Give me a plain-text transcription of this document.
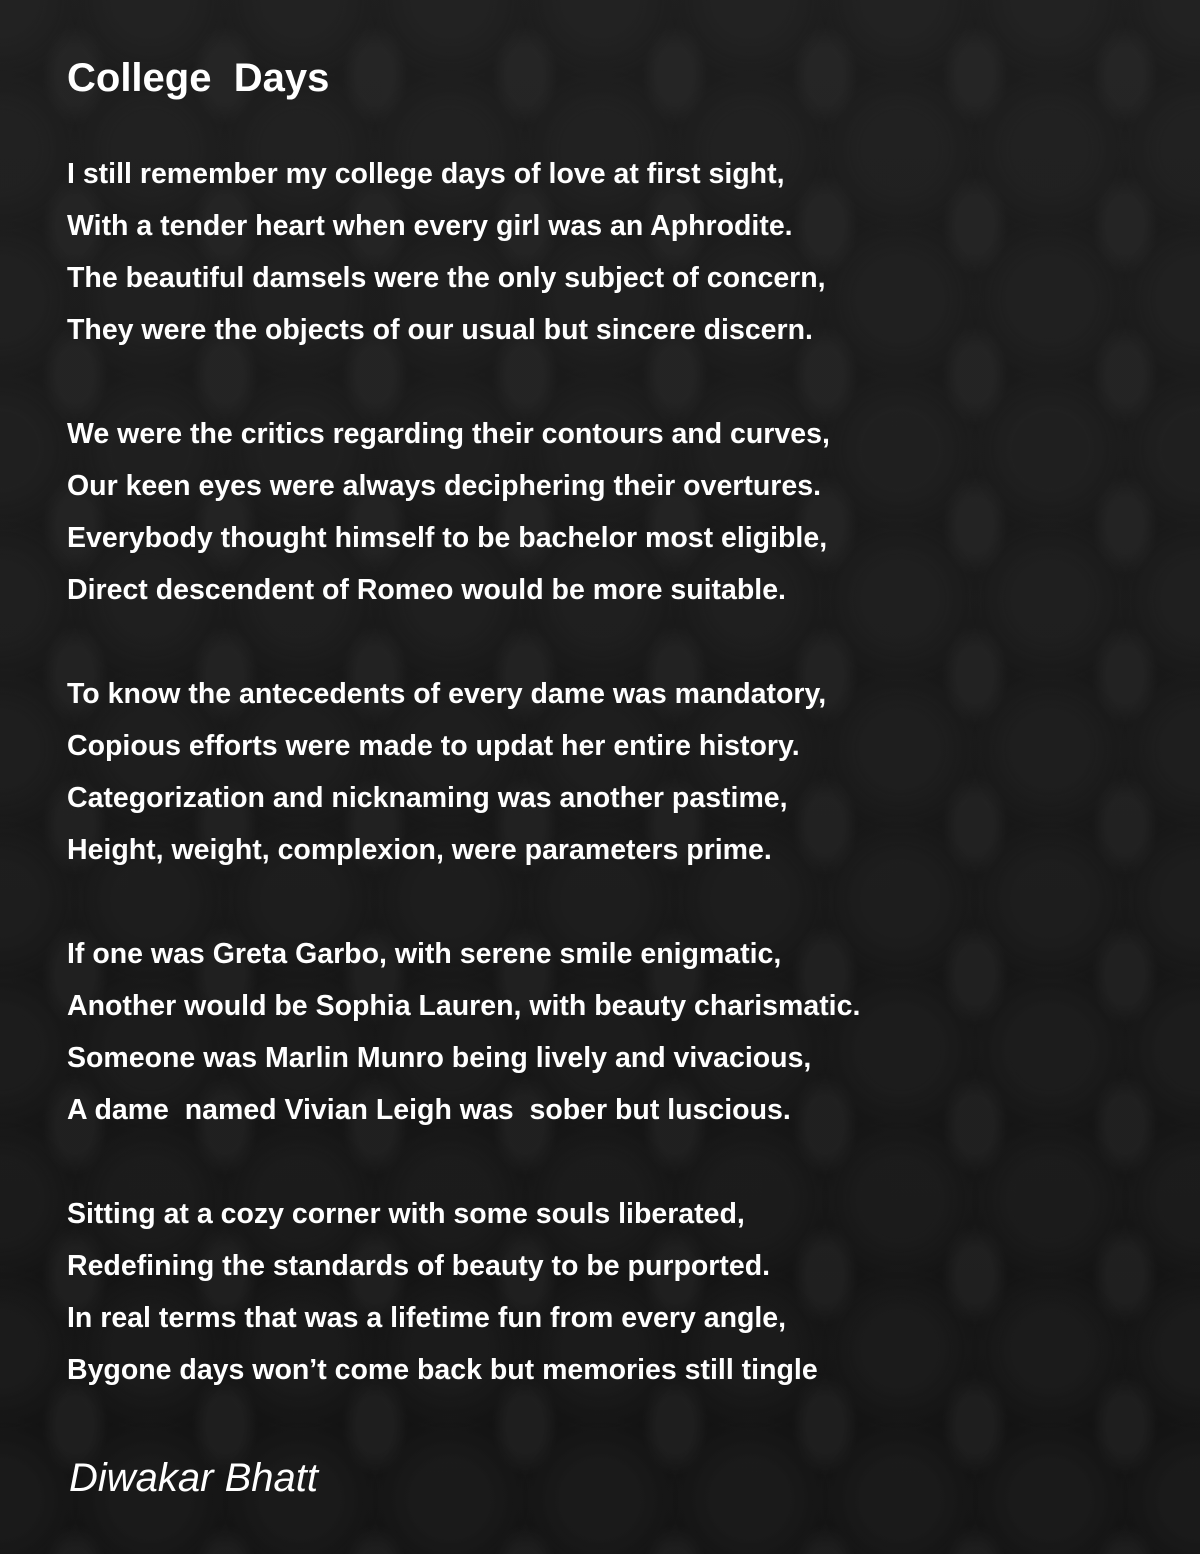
College  Days
I still remember my college days of love at first sight,
With a tender heart when every girl was an Aphrodite.
The beautiful damsels were the only subject of concern,
They were the objects of our usual but sincere discern.
We were the critics regarding their contours and curves,
Our keen eyes were always deciphering their overtures.
Everybody thought himself to be bachelor most eligible,
Direct descendent of Romeo would be more suitable.
To know the antecedents of every dame was mandatory,
Copious efforts were made to updat her entire history.
Categorization and nicknaming was another pastime,
Height, weight, complexion, were parameters prime.
If one was Greta Garbo, with serene smile enigmatic,
Another would be Sophia Lauren, with beauty charismatic.
Someone was Marlin Munro being lively and vivacious,
A dame  named Vivian Leigh was  sober but luscious.
Sitting at a cozy corner with some souls liberated,
Redefining the standards of beauty to be purported.
In real terms that was a lifetime fun from every angle,
Bygone days won’t come back but memories still tingle

Diwakar Bhatt
